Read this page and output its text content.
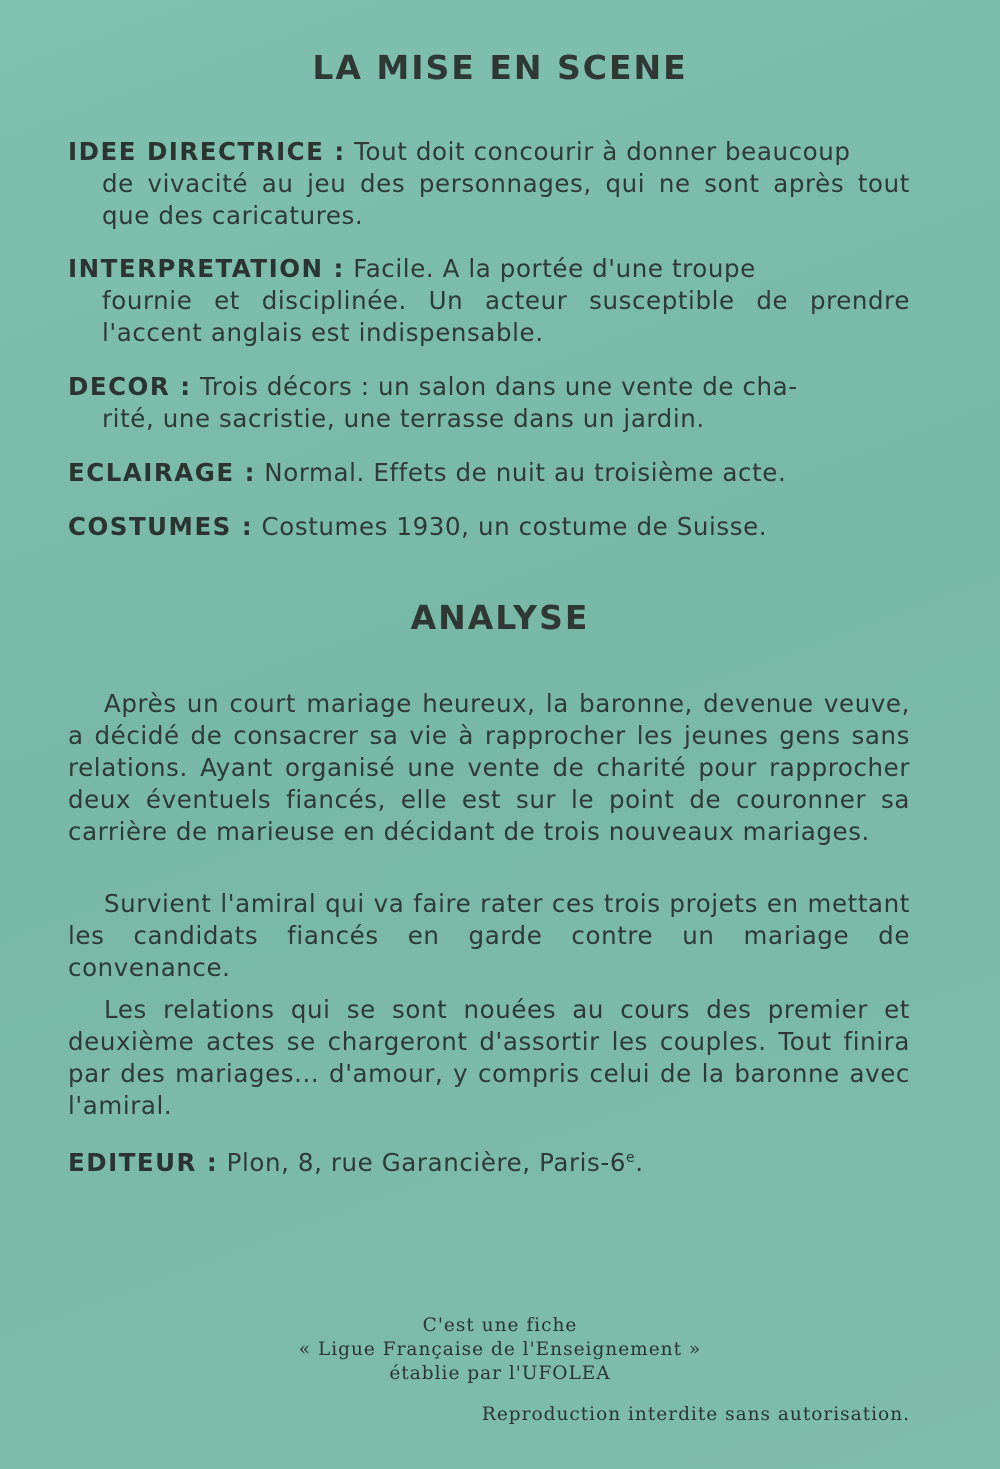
LA MISE EN SCENE
IDEE DIRECTRICE : Tout doit concourir à donner beaucoup
de vivacité au jeu des personnages, qui ne sont après tout que des caricatures.
INTERPRETATION : Facile. A la portée d'une troupe
fournie et disciplinée. Un acteur susceptible de prendre l'accent anglais est indispensable.
DECOR : Trois décors : un salon dans une vente de cha-
rité, une sacristie, une terrasse dans un jardin.
ECLAIRAGE : Normal. Effets de nuit au troisième acte.
COSTUMES : Costumes 1930, un costume de Suisse.
ANALYSE
Après un court mariage heureux, la baronne, devenue veuve, a décidé de consacrer sa vie à rapprocher les jeunes gens sans relations. Ayant organisé une vente de charité pour rapprocher deux éventuels fiancés, elle est sur le point de couronner sa carrière de marieuse en décidant de trois nouveaux mariages.
Survient l'amiral qui va faire rater ces trois projets en mettant les candidats fiancés en garde contre un mariage de convenance.
Les relations qui se sont nouées au cours des premier et deuxième actes se chargeront d'assortir les couples. Tout finira par des mariages... d'amour, y compris celui de la baronne avec l'amiral.
EDITEUR : Plon, 8, rue Garancière, Paris-6e.
C'est une fiche
« Ligue Française de l'Enseignement »
établie par l'UFOLEA
Reproduction interdite sans autorisation.
